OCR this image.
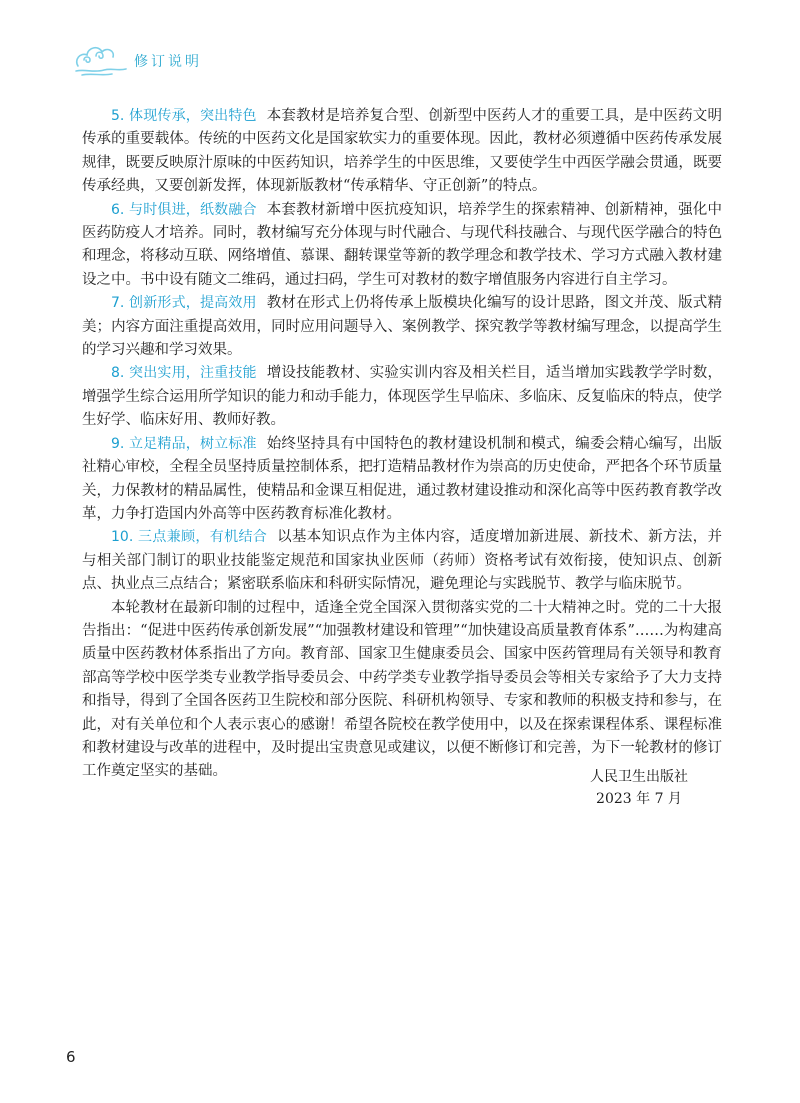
修订说明

5. 体现传承，突出特色 本套教材是培养复合型、创新型中医药人才的重要工具，是中医药文明传承的重要载体。传统的中医药文化是国家软实力的重要体现。因此，教材必须遵循中医药传承发展规律，既要反映原汁原味的中医药知识，培养学生的中医思维，又要使学生中西医学融会贯通，既要传承经典，又要创新发挥，体现新版教材“传承精华、守正创新”的特点。

6. 与时俱进，纸数融合 本套教材新增中医抗疫知识，培养学生的探索精神、创新精神，强化中医药防疫人才培养。同时，教材编写充分体现与时代融合、与现代科技融合、与现代医学融合的特色和理念，将移动互联、网络增值、慕课、翻转课堂等新的教学理念和教学技术、学习方式融入教材建设之中。书中设有随文二维码，通过扫码，学生可对教材的数字增值服务内容进行自主学习。

7. 创新形式，提高效用 教材在形式上仍将传承上版模块化编写的设计思路，图文并茂、版式精美；内容方面注重提高效用，同时应用问题导入、案例教学、探究教学等教材编写理念，以提高学生的学习兴趣和学习效果。

8. 突出实用，注重技能 增设技能教材、实验实训内容及相关栏目，适当增加实践教学学时数，增强学生综合运用所学知识的能力和动手能力，体现医学生早临床、多临床、反复临床的特点，使学生好学、临床好用、教师好教。

9. 立足精品，树立标准 始终坚持具有中国特色的教材建设机制和模式，编委会精心编写，出版社精心审校，全程全员坚持质量控制体系，把打造精品教材作为崇高的历史使命，严把各个环节质量关，力保教材的精品属性，使精品和金课互相促进，通过教材建设推动和深化高等中医药教育教学改革，力争打造国内外高等中医药教育标准化教材。

10. 三点兼顾，有机结合 以基本知识点作为主体内容，适度增加新进展、新技术、新方法，并与相关部门制订的职业技能鉴定规范和国家执业医师（药师）资格考试有效衔接，使知识点、创新点、执业点三点结合；紧密联系临床和科研实际情况，避免理论与实践脱节、教学与临床脱节。

本轮教材在最新印制的过程中，适逢全党全国深入贯彻落实党的二十大精神之时。党的二十大报告指出：“促进中医药传承创新发展”“加强教材建设和管理”“加快建设高质量教育体系”……为构建高质量中医药教材体系指出了方向。教育部、国家卫生健康委员会、国家中医药管理局有关领导和教育部高等学校中医学类专业教学指导委员会、中药学类专业教学指导委员会等相关专家给予了大力支持和指导，得到了全国各医药卫生院校和部分医院、科研机构领导、专家和教师的积极支持和参与，在此，对有关单位和个人表示衷心的感谢！希望各院校在教学使用中，以及在探索课程体系、课程标准和教材建设与改革的进程中，及时提出宝贵意见或建议，以便不断修订和完善，为下一轮教材的修订工作奠定坚实的基础。	人民卫生出版社
2023 年 7 月
6
